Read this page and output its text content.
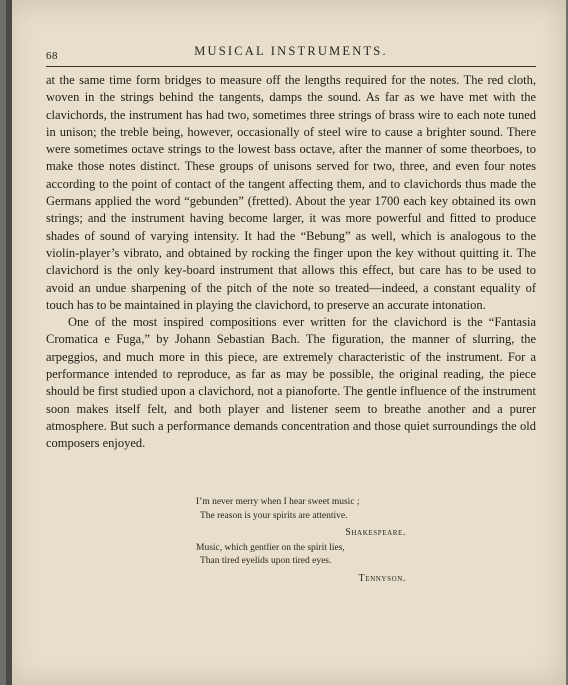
68	MUSICAL INSTRUMENTS.

at the same time form bridges to measure off the lengths required for the notes. The red cloth, woven in the strings behind the tangents, damps the sound. As far as we have met with the clavichords, the instrument has had two, sometimes three strings of brass wire to each note tuned in unison; the treble being, however, occasionally of steel wire to cause a brighter sound. There were sometimes octave strings to the lowest bass octave, after the manner of some theorboes, to make those notes distinct. These groups of unisons served for two, three, and even four notes according to the point of contact of the tangent affecting them, and to clavichords thus made the Germans applied the word “gebunden” (fretted). About the year 1700 each key obtained its own strings; and the instrument having become larger, it was more powerful and fitted to produce shades of sound of varying intensity. It had the “Bebung” as well, which is analogous to the violin-player’s vibrato, and obtained by rocking the finger upon the key without quitting it. The clavichord is the only key-board instrument that allows this effect, but care has to be used to avoid an undue sharpening of the pitch of the note so treated—indeed, a constant equality of touch has to be maintained in playing the clavichord, to preserve an accurate intonation.

One of the most inspired compositions ever written for the clavichord is the “Fantasia Cromatica e Fuga,” by Johann Sebastian Bach. The figuration, the manner of slurring, the arpeggios, and much more in this piece, are extremely characteristic of the instrument. For a performance intended to reproduce, as far as may be possible, the original reading, the piece should be first studied upon a clavichord, not a pianoforte. The gentle influence of the instrument soon makes itself felt, and both player and listener seem to breathe another and a purer atmosphere. But such a performance demands concentration and those quiet surroundings the old composers enjoyed.

I’m never merry when I hear sweet music ;
The reason is your spirits are attentive.
Shakespeare.
Music, which gentlier on the spirit lies,
Than tired eyelids upon tired eyes.
Tennyson.
